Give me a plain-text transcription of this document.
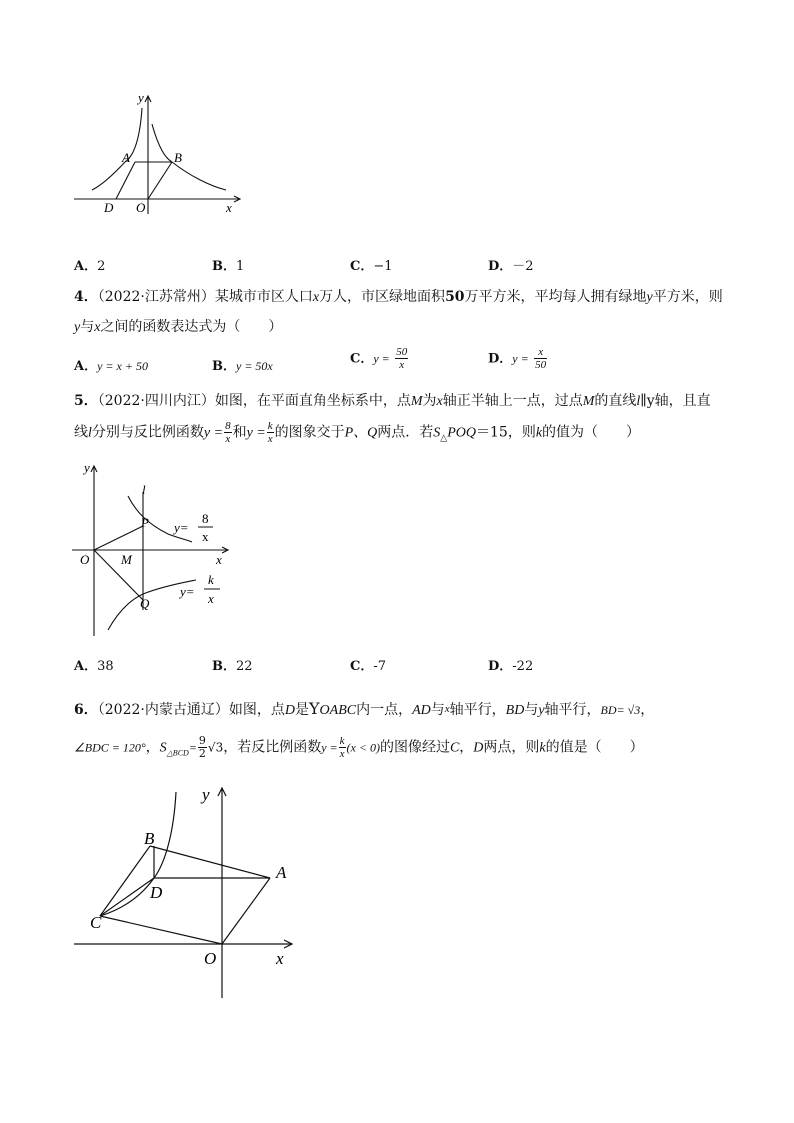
y
x
A	B
D O
A．2	B．1	C．−1	D．－2
4．（2022·江苏常州）某城市市区人口x万人，市区绿地面积50万平方米，平均每人拥有绿地y平方米，则
y与x之间的函数表达式为（　　）
A．y = x + 50	B．y = 50x	C．$y = \frac{50}{x}$	D．$y = \frac{x}{50}$
5．（2022·四川内江）如图，在平面直角坐标系中，点M为x轴正半轴上一点，过点M的直线l∥y轴，且直
线l分别与反比例函数$y = \frac{8}{x}$ 和$y = \frac{k}{x}$ 的图象交于P、Q两点．若$S_\triangle POQ=15$，则k的值为（　　）
y
x
l
O M
P
Q
y=
8
x
y=
k
x
A．38	B．22	C．-7	D．-22
6．（2022·内蒙古通辽）如图，点D是YOABC内一点，AD与$^x$轴平行，BD与y轴平行，BD= √3，
∠BDC = 120°，$S_{\triangle BCD}= \frac{9}{2} √3$，若反比例函数$y = \frac{k}{x} (x < 0)$的图像经过C，D两点，则k的值是（　　）
y
x
A
B
C
D
O
